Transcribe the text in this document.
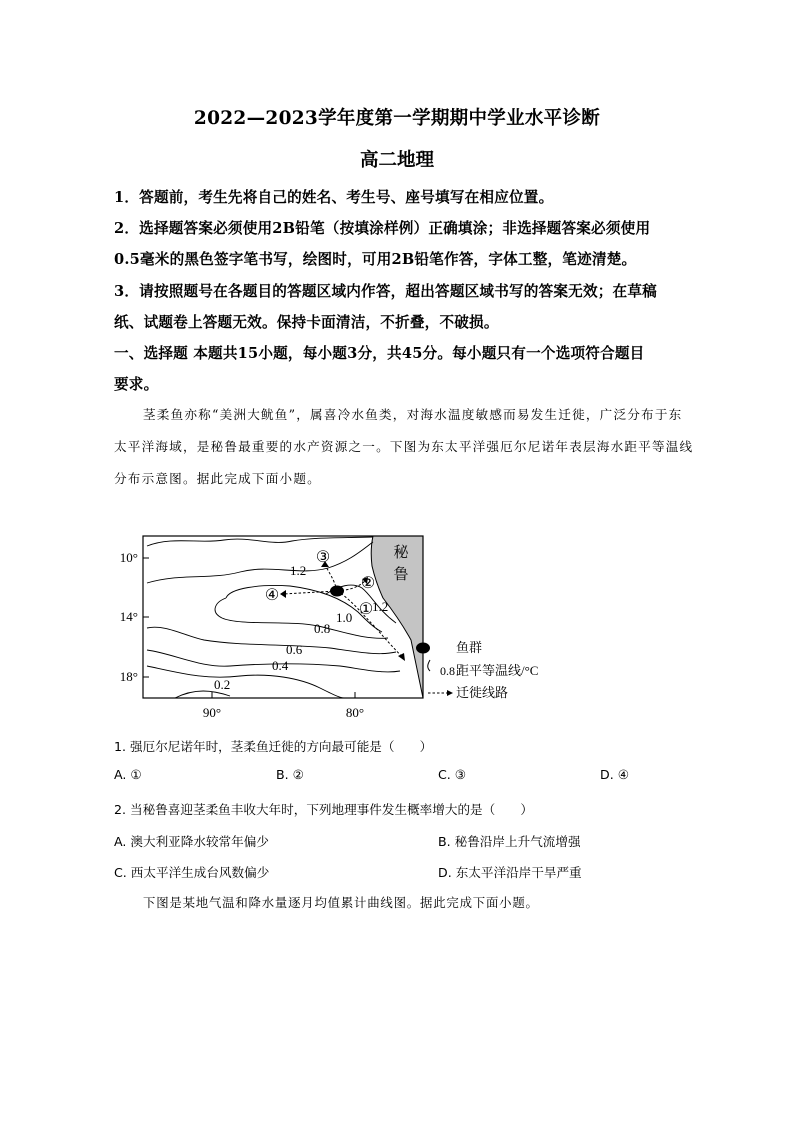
2022—2023学年度第一学期期中学业水平诊断
高二地理
1．答题前，考生先将自己的姓名、考生号、座号填写在相应位置。
2．选择题答案必须使用2B铅笔（按填涂样例）正确填涂；非选择题答案必须使用
0.5毫米的黑色签字笔书写，绘图时，可用2B铅笔作答，字体工整，笔迹清楚。
3．请按照题号在各题目的答题区域内作答，超出答题区域书写的答案无效；在草稿
纸、试题卷上答题无效。保持卡面清洁，不折叠，不破损。
一、选择题 本题共15小题，每小题3分，共45分。每小题只有一个选项符合题目
要求。
茎柔鱼亦称“美洲大鱿鱼”，属喜冷水鱼类，对海水温度敏感而易发生迁徙，广泛分布于东
太平洋海域，是秘鲁最重要的水产资源之一。下图为东太平洋强厄尔尼诺年表层海水距平等温线
分布示意图。据此完成下面小题。
秘
鲁
10°
14°
18°
90°	80°
1.2
1.2
1.0
0.8
0.6
0.4
0.2
①
②
③
④
鱼群
0.8 距平等温线/°C
迁徙线路
1. 强厄尔尼诺年时，茎柔鱼迁徙的方向最可能是（　　）
A. ①	B. ②	C. ③	D. ④
2. 当秘鲁喜迎茎柔鱼丰收大年时，下列地理事件发生概率增大的是（　　）
A. 澳大利亚降水较常年偏少	B. 秘鲁沿岸上升气流增强
C. 西太平洋生成台风数偏少	D. 东太平洋沿岸干旱严重
下图是某地气温和降水量逐月均值累计曲线图。据此完成下面小题。
